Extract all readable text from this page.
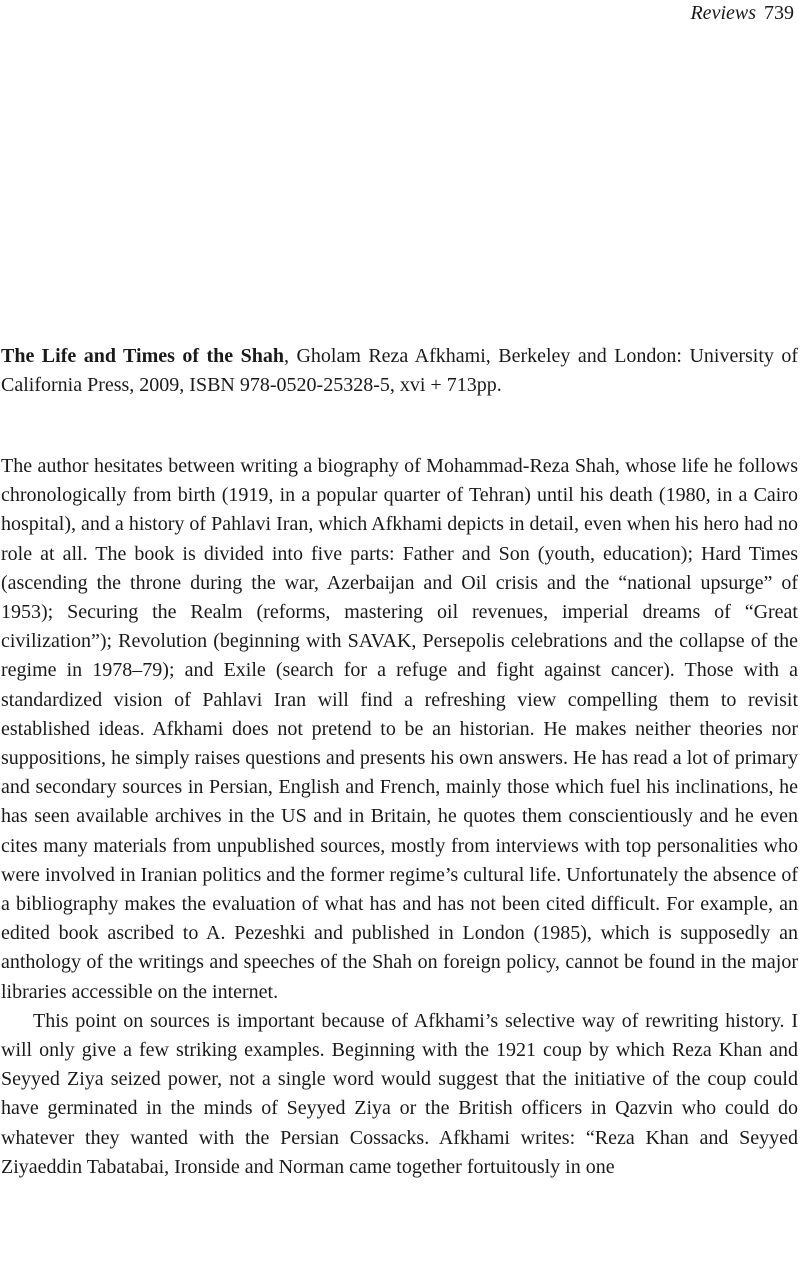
Reviews 739

The Life and Times of the Shah, Gholam Reza Afkhami, Berkeley and London: University of California Press, 2009, ISBN 978-0520-25328-5, xvi + 713pp.

The author hesitates between writing a biography of Mohammad-Reza Shah, whose life he follows chronologically from birth (1919, in a popular quarter of Tehran) until his death (1980, in a Cairo hospital), and a history of Pahlavi Iran, which Afkhami depicts in detail, even when his hero had no role at all. The book is divided into five parts: Father and Son (youth, education); Hard Times (ascending the throne during the war, Azerbaijan and Oil crisis and the “national upsurge” of 1953); Securing the Realm (reforms, mastering oil revenues, imperial dreams of “Great civilization”); Revolution (beginning with SAVAK, Persepolis celebrations and the collapse of the regime in 1978–79); and Exile (search for a refuge and fight against cancer). Those with a standardized vision of Pahlavi Iran will find a refreshing view compelling them to revisit established ideas. Afkhami does not pretend to be an historian. He makes neither theories nor suppositions, he simply raises questions and presents his own answers. He has read a lot of primary and secondary sources in Persian, English and French, mainly those which fuel his inclinations, he has seen available archives in the US and in Britain, he quotes them conscientiously and he even cites many materials from unpublished sources, mostly from interviews with top personalities who were involved in Iranian politics and the former regime’s cultural life. Unfortunately the absence of a bibliography makes the evaluation of what has and has not been cited difficult. For example, an edited book ascribed to A. Pezeshki and published in London (1985), which is supposedly an anthology of the writings and speeches of the Shah on foreign policy, cannot be found in the major libraries accessible on the internet.

This point on sources is important because of Afkhami’s selective way of rewriting history. I will only give a few striking examples. Beginning with the 1921 coup by which Reza Khan and Seyyed Ziya seized power, not a single word would suggest that the initiative of the coup could have germinated in the minds of Seyyed Ziya or the British officers in Qazvin who could do whatever they wanted with the Persian Cossacks. Afkhami writes: “Reza Khan and Seyyed Ziyaeddin Tabatabai, Ironside and Norman came together fortuitously in one
